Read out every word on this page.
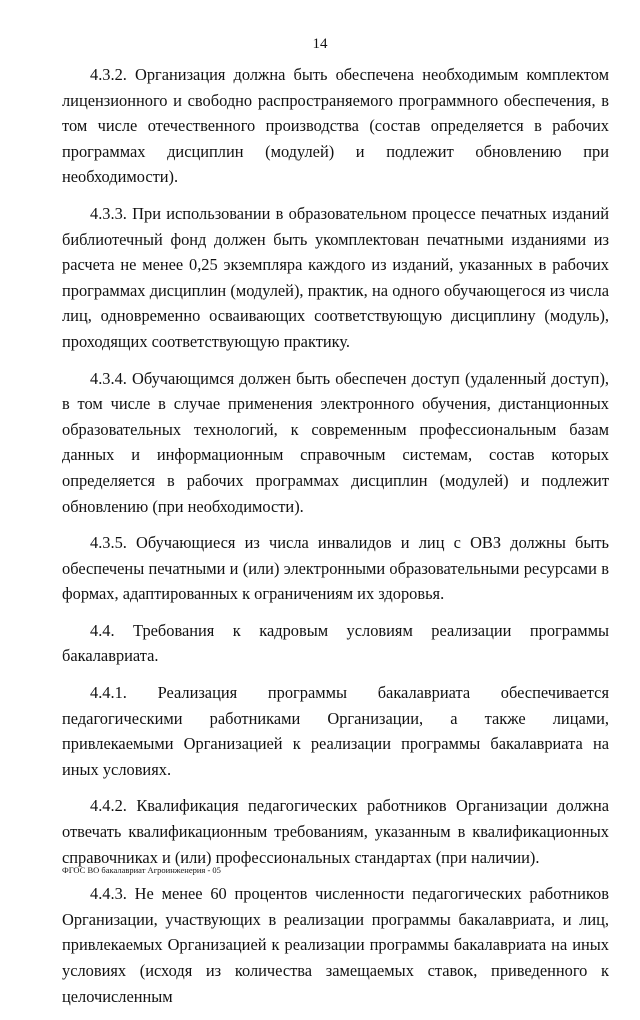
14

4.3.2. Организация должна быть обеспечена необходимым комплектом лицензионного и свободно распространяемого программного обеспечения, в том числе отечественного производства (состав определяется в рабочих программах дисциплин (модулей) и подлежит обновлению при необходимости).

4.3.3. При использовании в образовательном процессе печатных изданий библиотечный фонд должен быть укомплектован печатными изданиями из расчета не менее 0,25 экземпляра каждого из изданий, указанных в рабочих программах дисциплин (модулей), практик, на одного обучающегося из числа лиц, одновременно осваивающих соответствующую дисциплину (модуль), проходящих соответствующую практику.

4.3.4. Обучающимся должен быть обеспечен доступ (удаленный доступ), в том числе в случае применения электронного обучения, дистанционных образовательных технологий, к современным профессиональным базам данных и информационным справочным системам, состав которых определяется в рабочих программах дисциплин (модулей) и подлежит обновлению (при необходимости).

4.3.5. Обучающиеся из числа инвалидов и лиц с ОВЗ должны быть обеспечены печатными и (или) электронными образовательными ресурсами в формах, адаптированных к ограничениям их здоровья.

4.4. Требования к кадровым условиям реализации программы бакалавриата.

4.4.1. Реализация программы бакалавриата обеспечивается педагогическими работниками Организации, а также лицами, привлекаемыми Организацией к реализации программы бакалавриата на иных условиях.

4.4.2. Квалификация педагогических работников Организации должна отвечать квалификационным требованиям, указанным в квалификационных справочниках и (или) профессиональных стандартах (при наличии).

4.4.3. Не менее 60 процентов численности педагогических работников Организации, участвующих в реализации программы бакалавриата, и лиц, привлекаемых Организацией к реализации программы бакалавриата на иных условиях (исходя из количества замещаемых ставок, приведенного к целочисленным

ФГОС ВО бакалавриат Агроинженерия - 05
